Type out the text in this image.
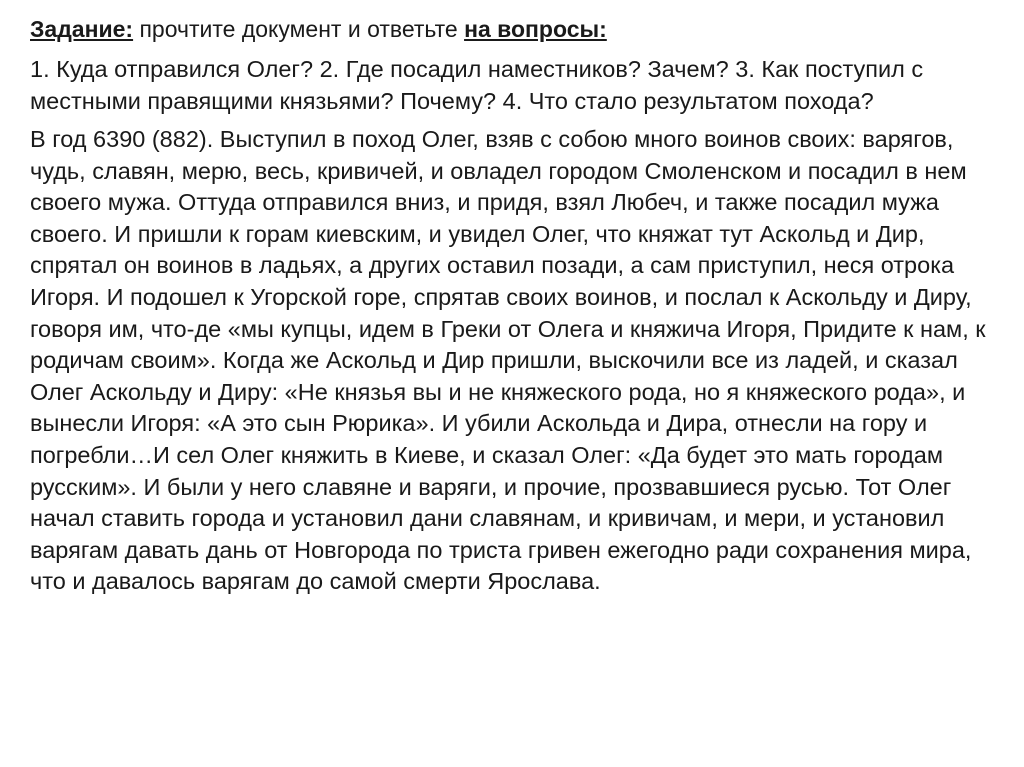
Задание: прочтите документ и ответьте на вопросы:

1. Куда отправился Олег? 2. Где посадил наместников? Зачем? 3. Как поступил с местными правящими князьями? Почему? 4. Что стало результатом похода?

В год 6390 (882). Выступил в поход Олег, взяв с собою много воинов своих: варягов, чудь, славян, мерю, весь, кривичей, и овладел городом Смоленском и посадил в нем своего мужа. Оттуда отправился вниз, и придя, взял Любеч, и также посадил мужа своего. И пришли к горам киевским, и увидел Олег, что княжат тут Аскольд и Дир, спрятал он воинов в ладьях, а других оставил позади, а сам приступил, неся отрока Игоря. И подошел к Угорской горе, спрятав своих воинов, и послал к Аскольду и Диру, говоря им, что-де «мы купцы, идем в Греки от Олега и княжича Игоря, Придите к нам, к родичам своим». Когда же Аскольд и Дир пришли, выскочили все из ладей, и сказал Олег Аскольду и Диру: «Не князья вы и не княжеского рода, но я княжеского рода», и вынесли Игоря: «А это сын Рюрика». И убили Аскольда и Дира, отнесли на гору и погребли…И сел Олег княжить в Киеве, и сказал Олег: «Да будет это мать городам русским». И были у него славяне и варяги, и прочие, прозвавшиеся русью. Тот Олег начал ставить города и установил дани славянам, и кривичам, и мери, и установил варягам давать дань от Новгорода по триста гривен ежегодно ради сохранения мира, что и давалось варягам до самой смерти Ярослава.
